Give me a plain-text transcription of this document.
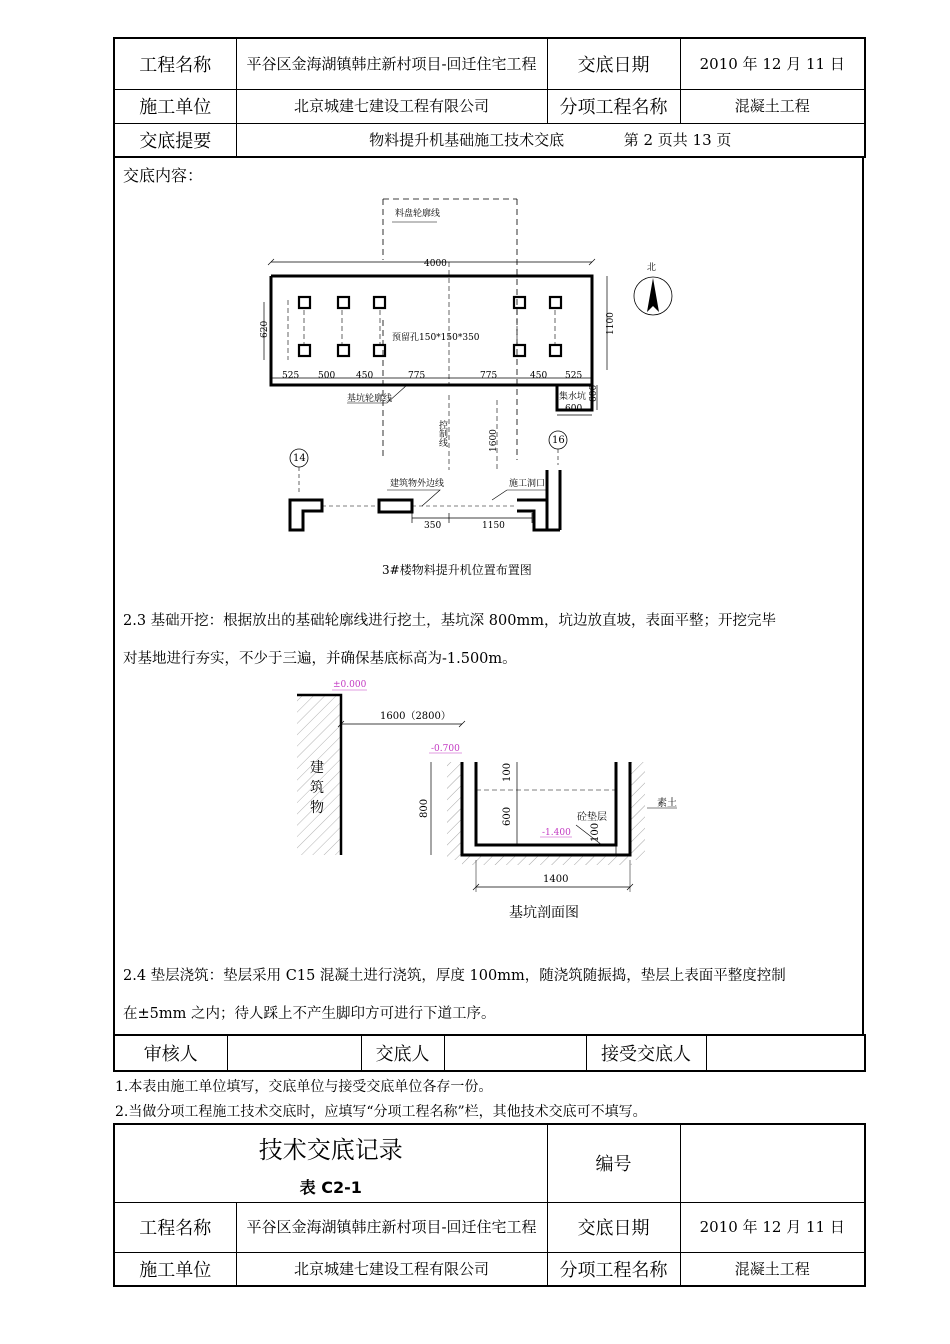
工程名称	平谷区金海湖镇韩庄新村项目-回迁住宅工程	交底日期	2010 年 12 月 11 日
施工单位	北京城建七建设工程有限公司	分项工程名称	混凝土工程
交底提要	物料提升机基础施工技术交底 第 2 页共 13 页		
交底内容：
料盘轮廓线
4000	北
620	1100
预留孔150*150*350
525 500 450	775	775	450 525
基坑轮廓线	集水坑
600
600
控制线	1600
14
16
建筑物外边线	施工洞口
350	1150
3#楼物料提升机位置布置图
2.3 基础开挖：根据放出的基础轮廓线进行挖土，基坑深 800mm，坑边放直坡，表面平整；开挖完毕
对基地进行夯实，不少于三遍，并确保基底标高为-1.500m。
±0.000
1600（2800）
-0.700
建
筑
物	800
100
600	砼垫层
-1.400 100
素土
1400
基坑剖面图
2.4 垫层浇筑：垫层采用 C15 混凝土进行浇筑，厚度 100mm，随浇筑随振捣，垫层上表面平整度控制
在±5mm 之内；待人踩上不产生脚印方可进行下道工序。
审核人		交底人		接受交底人	
1.本表由施工单位填写，交底单位与接受交底单位各存一份。
2.当做分项工程施工技术交底时，应填写“分项工程名称”栏，其他技术交底可不填写。
技术交底记录
表 C2-1		编号	
工程名称	平谷区金海湖镇韩庄新村项目-回迁住宅工程	交底日期	2010 年 12 月 11 日
施工单位	北京城建七建设工程有限公司	分项工程名称	混凝土工程
